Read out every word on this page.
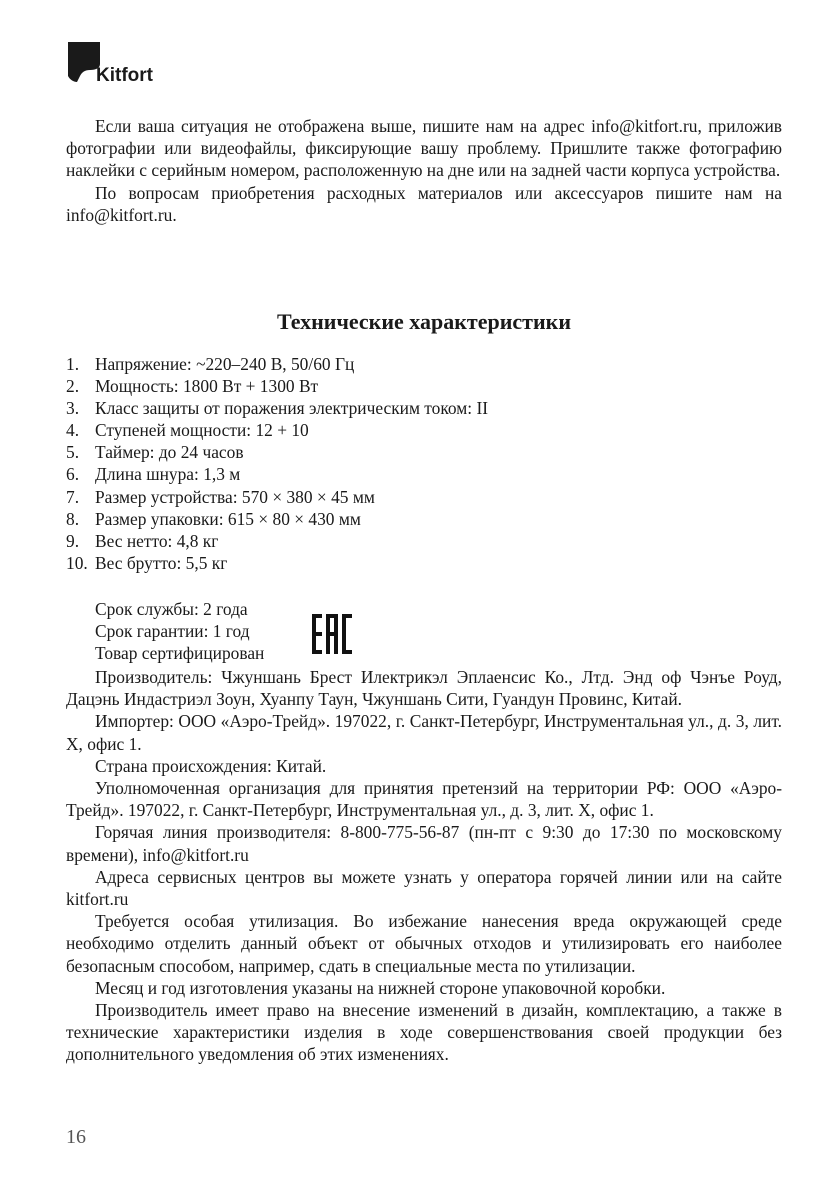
Kitfort

Если ваша ситуация не отображена выше, пишите нам на адрес info@kitfort.ru, приложив фотографии или видеофайлы, фиксирующие вашу проблему. Пришлите также фотографию наклейки с серийным номером, расположенную на дне или на задней части корпуса устройства.

По вопросам приобретения расходных материалов или аксессуаров пишите нам на info@kitfort.ru.

Технические характеристики
1. Напряжение: ~220–240 В, 50/60 Гц
2. Мощность: 1800 Вт + 1300 Вт
3. Класс защиты от поражения электрическим током: II
4. Ступеней мощности: 12 + 10
5. Таймер: до 24 часов
6. Длина шнура: 1,3 м
7. Размер устройства: 570 × 380 × 45 мм
8. Размер упаковки: 615 × 80 × 430 мм
9. Вес нетто: 4,8 кг
10. Вес брутто: 5,5 кг
Срок службы: 2 года
Срок гарантии: 1 год
Товар сертифицирован

Производитель: Чжуншань Брест Илектрикэл Эплаенсис Ко., Лтд. Энд оф Чэнъе Роуд, Дацэнь Индастриэл Зоун, Хуанпу Таун, Чжуншань Сити, Гуандун Провинс, Китай.

Импортер: ООО «Аэро-Трейд». 197022, г. Санкт-Петербург, Инструментальная ул., д. 3, лит. Х, офис 1.

Страна происхождения: Китай.

Уполномоченная организация для принятия претензий на территории РФ: ООО «Аэро-Трейд». 197022, г. Санкт-Петербург, Инструментальная ул., д. 3, лит. Х, офис 1.

Горячая линия производителя: 8-800-775-56-87 (пн-пт с 9:30 до 17:30 по московскому времени), info@kitfort.ru

Адреса сервисных центров вы можете узнать у оператора горячей линии или на сайте kitfort.ru

Требуется особая утилизация. Во избежание нанесения вреда окружающей среде необходимо отделить данный объект от обычных отходов и утилизировать его наиболее безопасным способом, например, сдать в специальные места по утилизации.

Месяц и год изготовления указаны на нижней стороне упаковочной коробки.

Производитель имеет право на внесение изменений в дизайн, комплектацию, а также в технические характеристики изделия в ходе совершенствования своей продукции без дополнительного уведомления об этих изменениях.

16
